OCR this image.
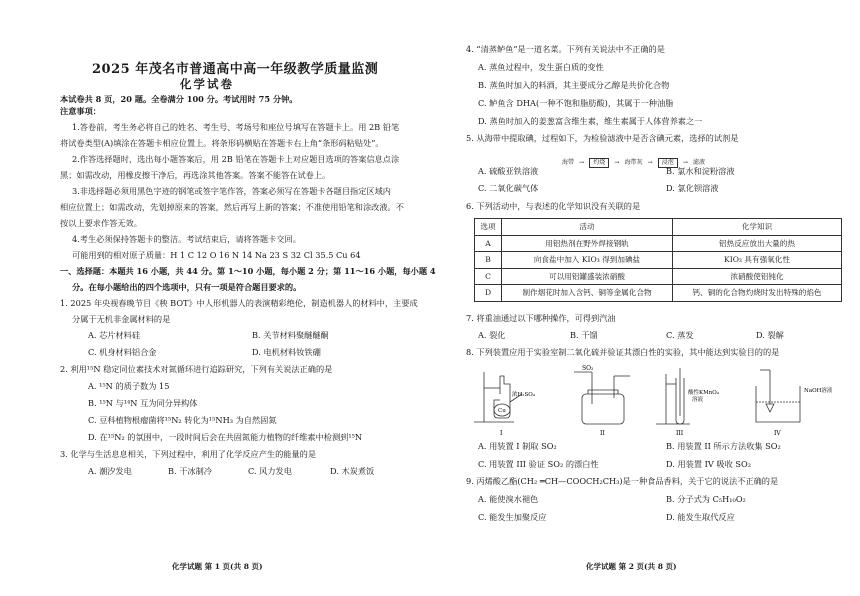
2025 年茂名市普通高中高一年级教学质量监测
化学试卷
本试卷共 8 页，20 题。全卷满分 100 分。考试用时 75 分钟。
注意事项：
1.答卷前，考生务必将自己的姓名、考生号、考场号和座位号填写在答题卡上。用 2B 铅笔
将试卷类型(A)填涂在答题卡相应位置上。将条形码横贴在答题卡右上角“条形码粘贴处”。
2.作答选择题时，选出每小题答案后，用 2B 铅笔在答题卡上对应题目选项的答案信息点涂
黑；如需改动，用橡皮擦干净后，再选涂其他答案。答案不能答在试卷上。
3.非选择题必须用黑色字迹的钢笔或签字笔作答，答案必须写在答题卡各题目指定区域内
相应位置上；如需改动，先划掉原来的答案，然后再写上新的答案；不准使用铅笔和涂改液。不
按以上要求作答无效。
4.考生必须保持答题卡的整洁。考试结束后，请将答题卡交回。
可能用到的相对原子质量：H 1 C 12 O 16 N 14 Na 23 S 32 Cl 35.5 Cu 64
一、选择题：本题共 16 小题，共 44 分。第 1～10 小题，每小题 2 分；第 11～16 小题，每小题 4
分。在每小题给出的四个选项中，只有一项是符合题目要求的。
1. 2025 年央视春晚节目《秧 BOT》中人形机器人的表演精彩绝伦，制造机器人的材料中，主要成
分属于无机非金属材料的是
A. 芯片材料硅	B. 关节材料聚醚醚酮
C. 机身材料铝合金	D. 电机材料钕铁硼
2. 利用¹⁵N 稳定同位素技术对氮循环进行追踪研究，下列有关说法正确的是
A. ¹⁵N 的质子数为 15
B. ¹⁵N 与¹⁴N 互为同分异构体
C. 豆科植物根瘤菌将¹⁵N₂ 转化为¹⁵NH₃ 为自然固氮
D. 在¹⁵N₂ 的氛围中，一段时间后会在共固氮能力植物的纤维素中检测到¹⁵N
3. 化学与生活息息相关，下列过程中，利用了化学反应产生的能量的是
A. 潮汐发电	B. 干冰制冷	C. 风力发电	D. 木炭煮饭
化学试题 第 1 页(共 8 页)
4. “清蒸鲈鱼”是一道名菜。下列有关说法中不正确的是
A. 蒸鱼过程中，发生蛋白质的变性
B. 蒸鱼时加入的料酒，其主要成分乙醇是共价化合物
C. 鲈鱼含 DHA(一种不饱和脂肪酸)，其属于一种油脂
D. 蒸鱼时加入的姜葱富含维生素，维生素属于人体营养素之一
5. 从海带中提取碘，过程如下，为检验滤液中是否含碘元素，选择的试剂是
海带 → 灼烧 → 海带灰 → 浸泡 → 滤液
A. 硫酸亚铁溶液	B. 氯水和淀粉溶液
C. 二氧化碳气体	D. 氯化钡溶液
6. 下列活动中，与表述的化学知识没有关联的是
选项	活动	化学知识
A	用铝热剂在野外焊接钢轨	铝热反应放出大量的热
B	向食盐中加入 KIO₃ 得到加碘盐	KIO₃ 具有强氧化性
C	可以用铝罐盛装浓硝酸	浓硝酸使铝钝化
D	制作烟花时加入含钙、铜等金属化合物	钙、铜的化合物灼烧时发出特殊的焰色
7. 将重油通过以下哪种操作，可得到汽油
A. 裂化	B. 干馏	C. 蒸发	D. 裂解
8. 下列装置应用于实验室制二氧化硫并验证其漂白性的实验，其中能达到实验目的的是
SO₂
浓H₂SO₄
Cu
酸性KMnO₄
溶液
NaOH溶液
I	II	III	IV
A. 用装置 I 制取 SO₂	B. 用装置 II 所示方法收集 SO₂
C. 用装置 III 验证 SO₂ 的漂白性	D. 用装置 IV 吸收 SO₂
9. 丙烯酸乙酯(CH₂ ═CH—COOCH₂CH₃)是一种食品香料，关于它的说法不正确的是
A. 能使溴水褪色	B. 分子式为 C₅H₁₀O₂
C. 能发生加聚反应	D. 能发生取代反应
化学试题 第 2 页(共 8 页)
